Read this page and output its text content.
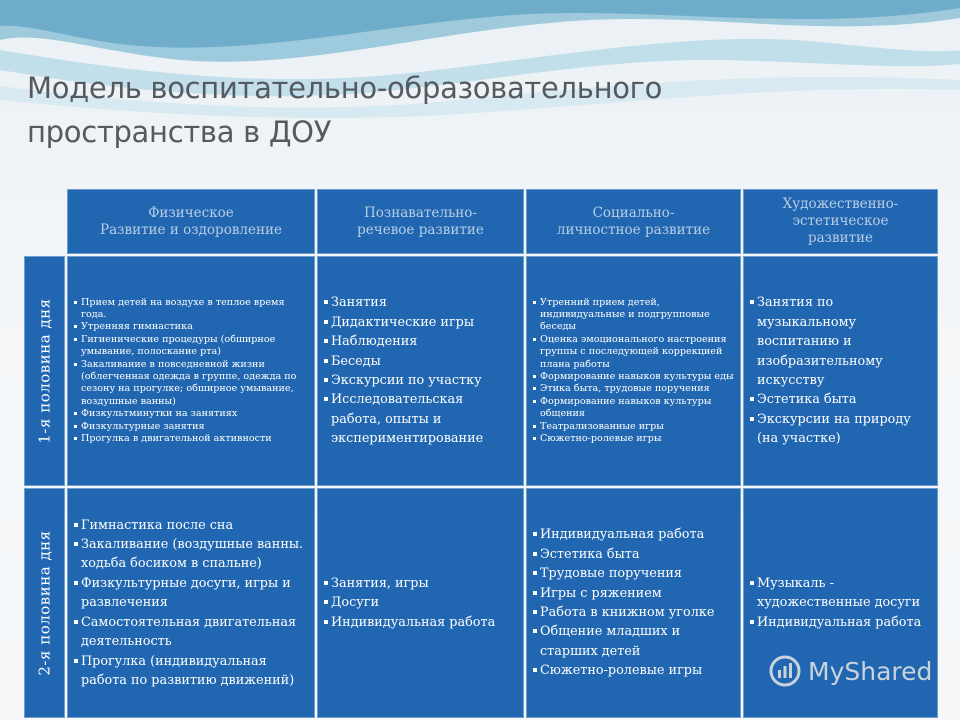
Модель воспитательно-образовательного
пространства в ДОУ
Физическое
Развитие и оздоровление
Познавательно-
речевое развитие
Социально-
личностное развитие
Художественно-
эстетическое
развитие
1-я половина дня
2-я половина дня
Прием детей на воздухе в теплое время года.
Утренняя гимнастика
Гигиенические процедуры (обширное умывание, полоскание рта)
Закаливание в повседневной жизни (облегченная одежда в группе, одежда по сезону на прогулке; обширное умывание, воздушные ванны)
Физкультминутки на занятиях
Физкультурные занятия
Прогулка в двигательной активности
Занятия
Дидактические игры
Наблюдения
Беседы
Экскурсии по участку
Исследовательская работа, опыты и экспериментирование
Утренний прием детей, индивидуальные и подгрупповые беседы
Оценка эмоционального настроения группы с последующей коррекцией плана работы
Формирование навыков культуры еды
Этика быта, трудовые поручения
Формирование навыков культуры общения
Театрализованные игры
Сюжетно-ролевые игры
Занятия по музыкальному воспитанию и изобразительному искусству
Эстетика быта
Экскурсии на природу (на участке)
Гимнастика после сна
Закаливание (воздушные ванны. ходьба босиком в спальне)
Физкультурные досуги, игры и развлечения
Самостоятельная двигательная деятельность
Прогулка (индивидуальная работа по развитию движений)
Занятия, игры
Досуги
Индивидуальная работа
Индивидуальная работа
Эстетика быта
Трудовые поручения
Игры с ряжением
Работа в книжном уголке
Общение младших и старших детей
Сюжетно-ролевые игры
Музыкаль - художественные досуги
Индивидуальная работа
MyShared
